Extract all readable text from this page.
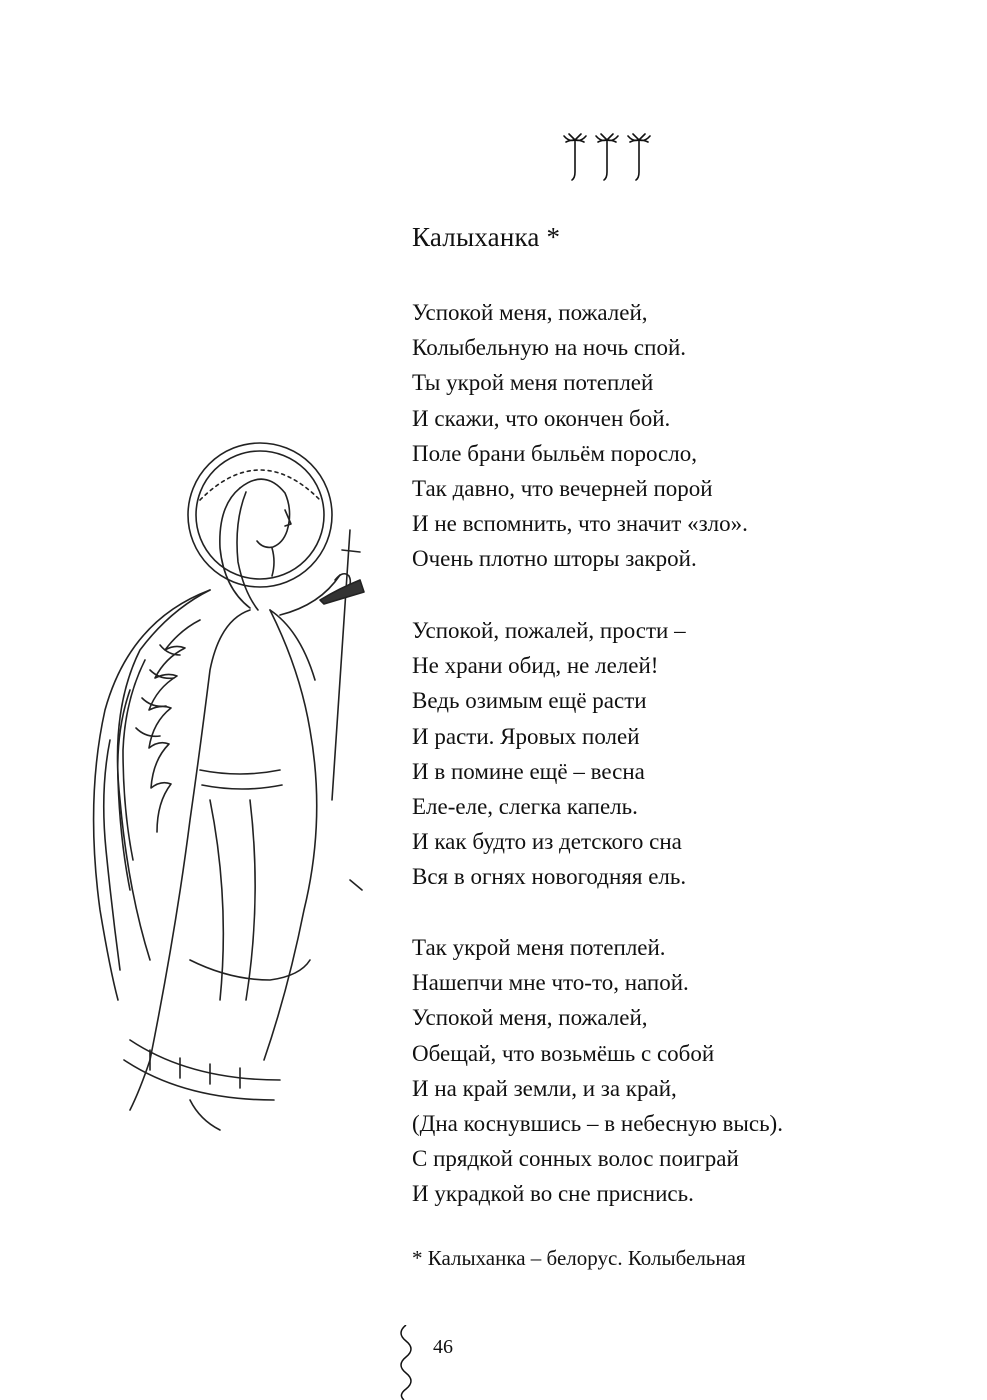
Калыханка *
Успокой меня, пожалей,
Колыбельную на ночь спой.
Ты укрой меня потеплей
И скажи, что окончен бой.
Поле брани быльём поросло,
Так давно, что вечерней порой
И не вспомнить, что значит «зло».
Очень плотно шторы закрой.
Успокой, пожалей, прости –
Не храни обид, не лелей!
Ведь озимым ещё расти
И расти. Яровых полей
И в помине ещё – весна
Еле-еле, слегка капель.
И как будто из детского сна
Вся в огнях новогодняя ель.
Так укрой меня потеплей.
Нашепчи мне что-то, напой.
Успокой меня, пожалей,
Обещай, что возьмёшь с собой
И на край земли, и за край,
(Дна коснувшись – в небесную высь).
С прядкой сонных волос поиграй
И украдкой во сне приснись.
* Калыханка – белорус. Колыбельная
46
